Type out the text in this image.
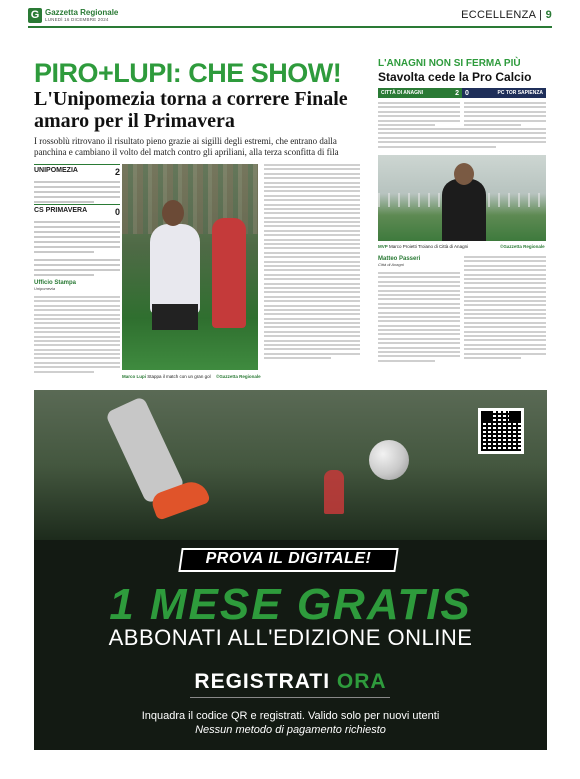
G Gazzetta Regionale
LUNEDÌ 16 DICEMBRE 2024	ECCELLENZA | 9
PIRO+LUPI: CHE SHOW!
L'Unipomezia torna a correre Finale amaro per il Primavera
I rossoblù ritrovano il risultato pieno grazie ai sigilli degli estremi, che entrano dalla panchina e cambiano il volto del match contro gli apriliani, alla terza sconfitta di fila
UNIPOMEZIA	2
CS PRIMAVERA	0
Ufficio Stampa
Unipomezia
Marco Lupi Stappa il match con un gran gol ©Gazzetta Regionale
L'ANAGNI NON SI FERMA PIÙ
Stavolta cede la Pro Calcio
CITTÀ DI ANAGNI	2 0	PC TOR SAPIENZA
MVP Marco Proietti Troiano di Città di Anagni	©Gazzetta Regionale
Matteo Passeri
Città di Anagni
PROVA IL DIGITALE!
1 MESE GRATIS
ABBONATI ALL'EDIZIONE ONLINE
REGISTRATI ORA
Inquadra il codice QR e registrati. Valido solo per nuovi utenti
Nessun metodo di pagamento richiesto
